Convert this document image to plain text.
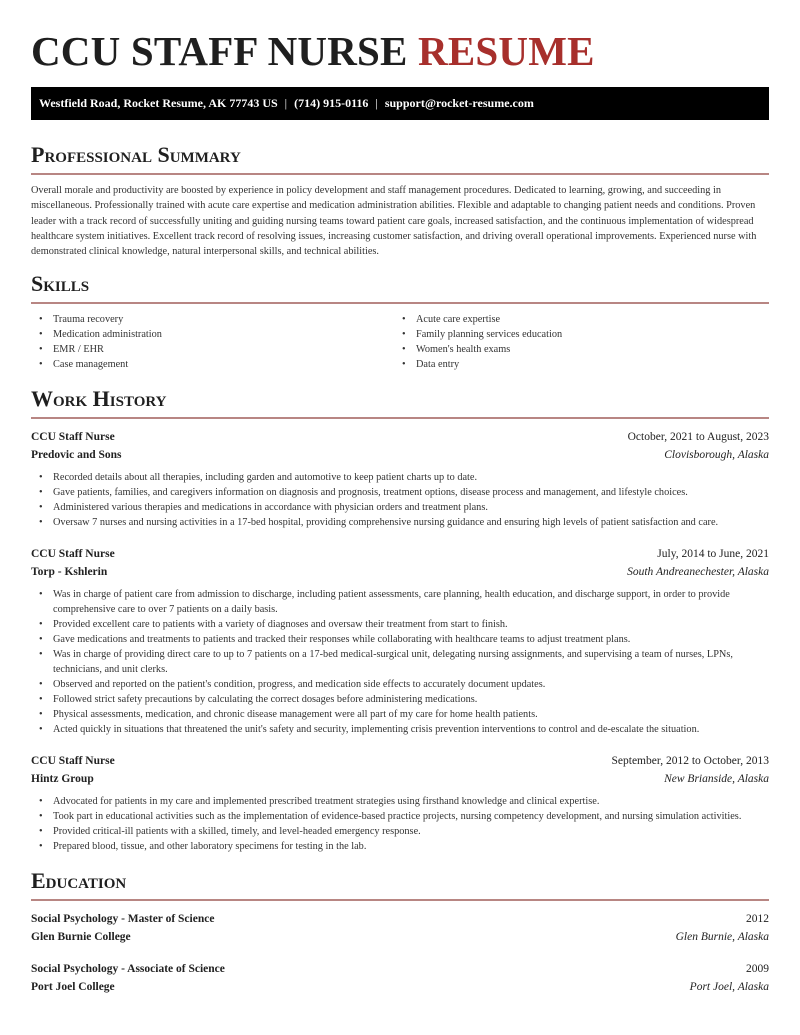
CCU STAFF NURSE RESUME
Westfield Road, Rocket Resume, AK 77743 US | (714) 915-0116 | support@rocket-resume.com
Professional Summary

Overall morale and productivity are boosted by experience in policy development and staff management procedures. Dedicated to learning, growing, and succeeding in miscellaneous. Professionally trained with acute care expertise and medication administration abilities. Flexible and adaptable to changing patient needs and conditions. Proven leader with a track record of successfully uniting and guiding nursing teams toward patient care goals, increased satisfaction, and the continuous implementation of widespread healthcare system initiatives. Excellent track record of resolving issues, increasing customer satisfaction, and driving overall operational improvements. Experienced nurse with demonstrated clinical knowledge, natural interpersonal skills, and technical abilities.

Skills
• Trauma recovery
• Medication administration
• EMR / EHR
• Case management
• Acute care expertise
• Family planning services education
• Women's health exams
• Data entry
Work History
CCU Staff Nurse	October, 2021 to August, 2023
Predovic and Sons	Clovisborough, Alaska
• Recorded details about all therapies, including garden and automotive to keep patient charts up to date.
• Gave patients, families, and caregivers information on diagnosis and prognosis, treatment options, disease process and management, and lifestyle choices.
• Administered various therapies and medications in accordance with physician orders and treatment plans.
• Oversaw 7 nurses and nursing activities in a 17-bed hospital, providing comprehensive nursing guidance and ensuring high levels of patient satisfaction and care.
CCU Staff Nurse	July, 2014 to June, 2021
Torp - Kshlerin	South Andreanechester, Alaska
• Was in charge of patient care from admission to discharge, including patient assessments, care planning, health education, and discharge support, in order to provide comprehensive care to over 7 patients on a daily basis.
• Provided excellent care to patients with a variety of diagnoses and oversaw their treatment from start to finish.
• Gave medications and treatments to patients and tracked their responses while collaborating with healthcare teams to adjust treatment plans.
• Was in charge of providing direct care to up to 7 patients on a 17-bed medical-surgical unit, delegating nursing assignments, and supervising a team of nurses, LPNs, technicians, and unit clerks.
• Observed and reported on the patient's condition, progress, and medication side effects to accurately document updates.
• Followed strict safety precautions by calculating the correct dosages before administering medications.
• Physical assessments, medication, and chronic disease management were all part of my care for home health patients.
• Acted quickly in situations that threatened the unit's safety and security, implementing crisis prevention interventions to control and de-escalate the situation.
CCU Staff Nurse	September, 2012 to October, 2013
Hintz Group	New Brianside, Alaska
• Advocated for patients in my care and implemented prescribed treatment strategies using firsthand knowledge and clinical expertise.
• Took part in educational activities such as the implementation of evidence-based practice projects, nursing competency development, and nursing simulation activities.
• Provided critical-ill patients with a skilled, timely, and level-headed emergency response.
• Prepared blood, tissue, and other laboratory specimens for testing in the lab.
Education
Social Psychology - Master of Science	2012
Glen Burnie College	Glen Burnie, Alaska
Social Psychology - Associate of Science	2009
Port Joel College	Port Joel, Alaska
